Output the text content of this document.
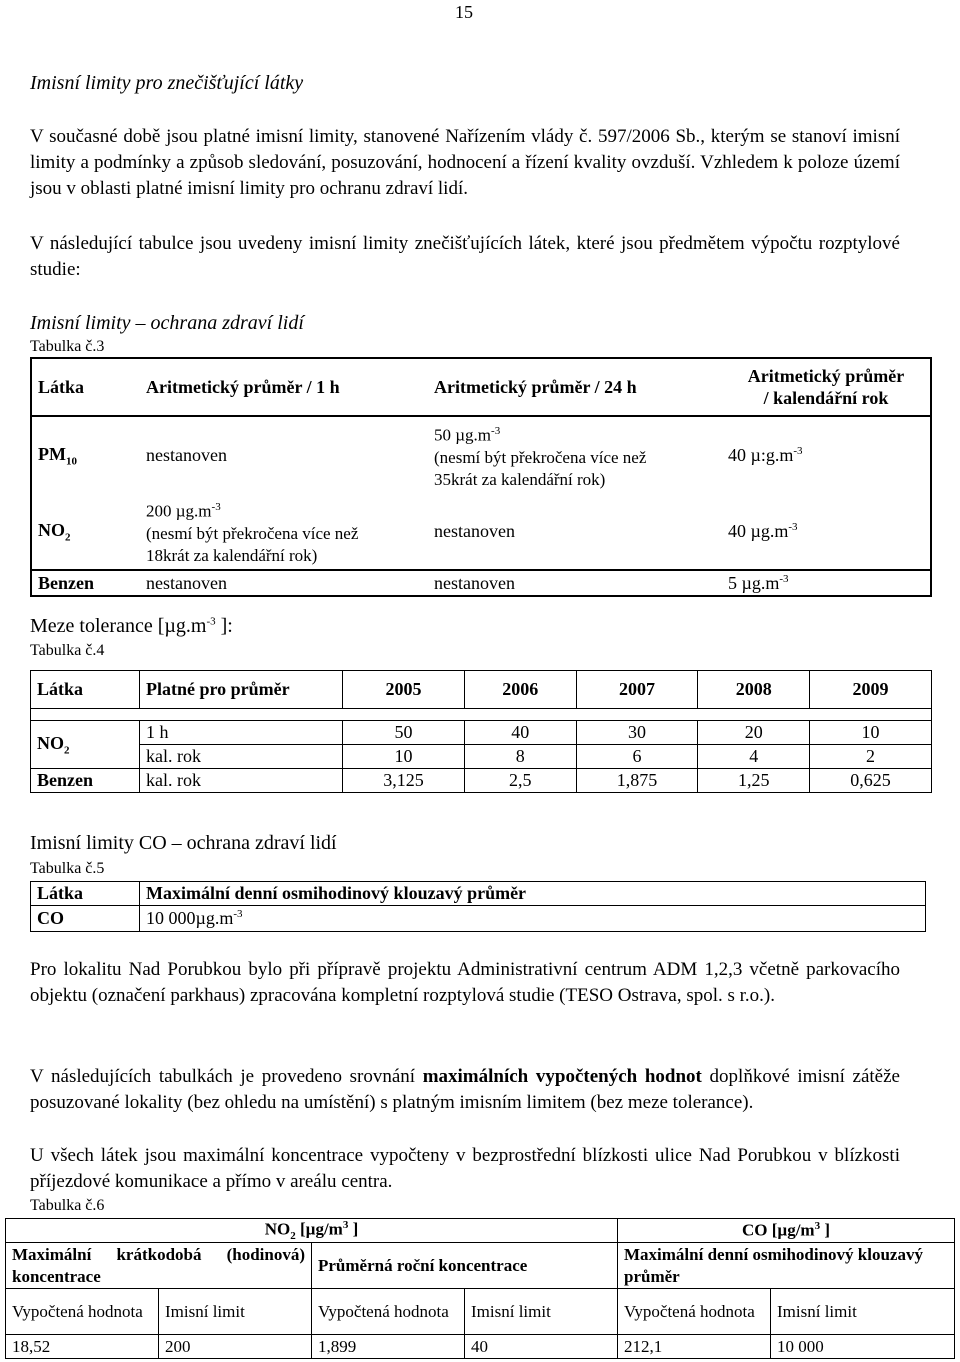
15
Imisní limity pro znečišťující látky
V současné době jsou platné imisní limity, stanovené Nařízením vlády č. 597/2006 Sb., kterým se stanoví imisní limity a podmínky a způsob sledování, posuzování, hodnocení a řízení kvality ovzduší. Vzhledem k poloze území jsou v oblasti platné imisní limity pro ochranu zdraví lidí.
V následující tabulce jsou uvedeny imisní limity znečišťujících látek, které jsou předmětem výpočtu rozptylové studie:
Imisní limity – ochrana zdraví lidí
Tabulka č.3
Látka	Aritmetický průměr / 1 h	Aritmetický průměr / 24 h	Aritmetický průměr
/ kalendářní rok
$PM_{10}$	nestanoven	50 $\mu g.m^{-3}$
(nesmí být překročena více než
35krát za kalendářní rok)	40 $\mu:g.m^{-3}$
$NO_2$	200 $\mu g.m^{-3}$
(nesmí být překročena více než
18krát za kalendářní rok)	nestanoven	40 $\mu g.m^{-3}$
Benzen	nestanoven	nestanoven	5 $\mu g.m^{-3}$
Meze tolerance [$\mu g.m^{-3}$ ]:
Tabulka č.4
Látka	Platné pro průměr	2005	2006	2007	2008	2009

$NO_2$	1 h	50	40	30	20	10
	kal. rok	10	8	6	4	2
Benzen	kal. rok	3,125	2,5	1,875	1,25	0,625
Imisní limity CO – ochrana zdraví lidí
Tabulka č.5
Látka	Maximální denní osmihodinový klouzavý průměr
CO	10 $000\mu g.m^{-3}$
Pro lokalitu Nad Porubkou bylo při přípravě projektu Administrativní centrum ADM 1,2,3 včetně parkovacího objektu (označení parkhaus) zpracována kompletní rozptylová studie (TESO Ostrava, spol. s r.o.).
V následujících tabulkách je provedeno srovnání maximálních vypočtených hodnot doplňkové imisní zátěže posuzované lokality (bez ohledu na umístění) s platným imisním limitem (bez meze tolerance).
U všech látek jsou maximální koncentrace vypočteny v bezprostřední blízkosti ulice Nad Porubkou v blízkosti příjezdové komunikace a přímo v areálu centra.
Tabulka č.6
$NO_2$ [$\mu g/m^3$ ]				CO [$\mu g/m^3$ ]	
Maximální krátkodobá (hodinová) koncentrace		Průměrná roční koncentrace		Maximální denní osmihodinový klouzavý průměr	
Vypočtená hodnota	Imisní limit	Vypočtená hodnota	Imisní limit	Vypočtená hodnota	Imisní limit
18,52	200	1,899	40	212,1	10 000
